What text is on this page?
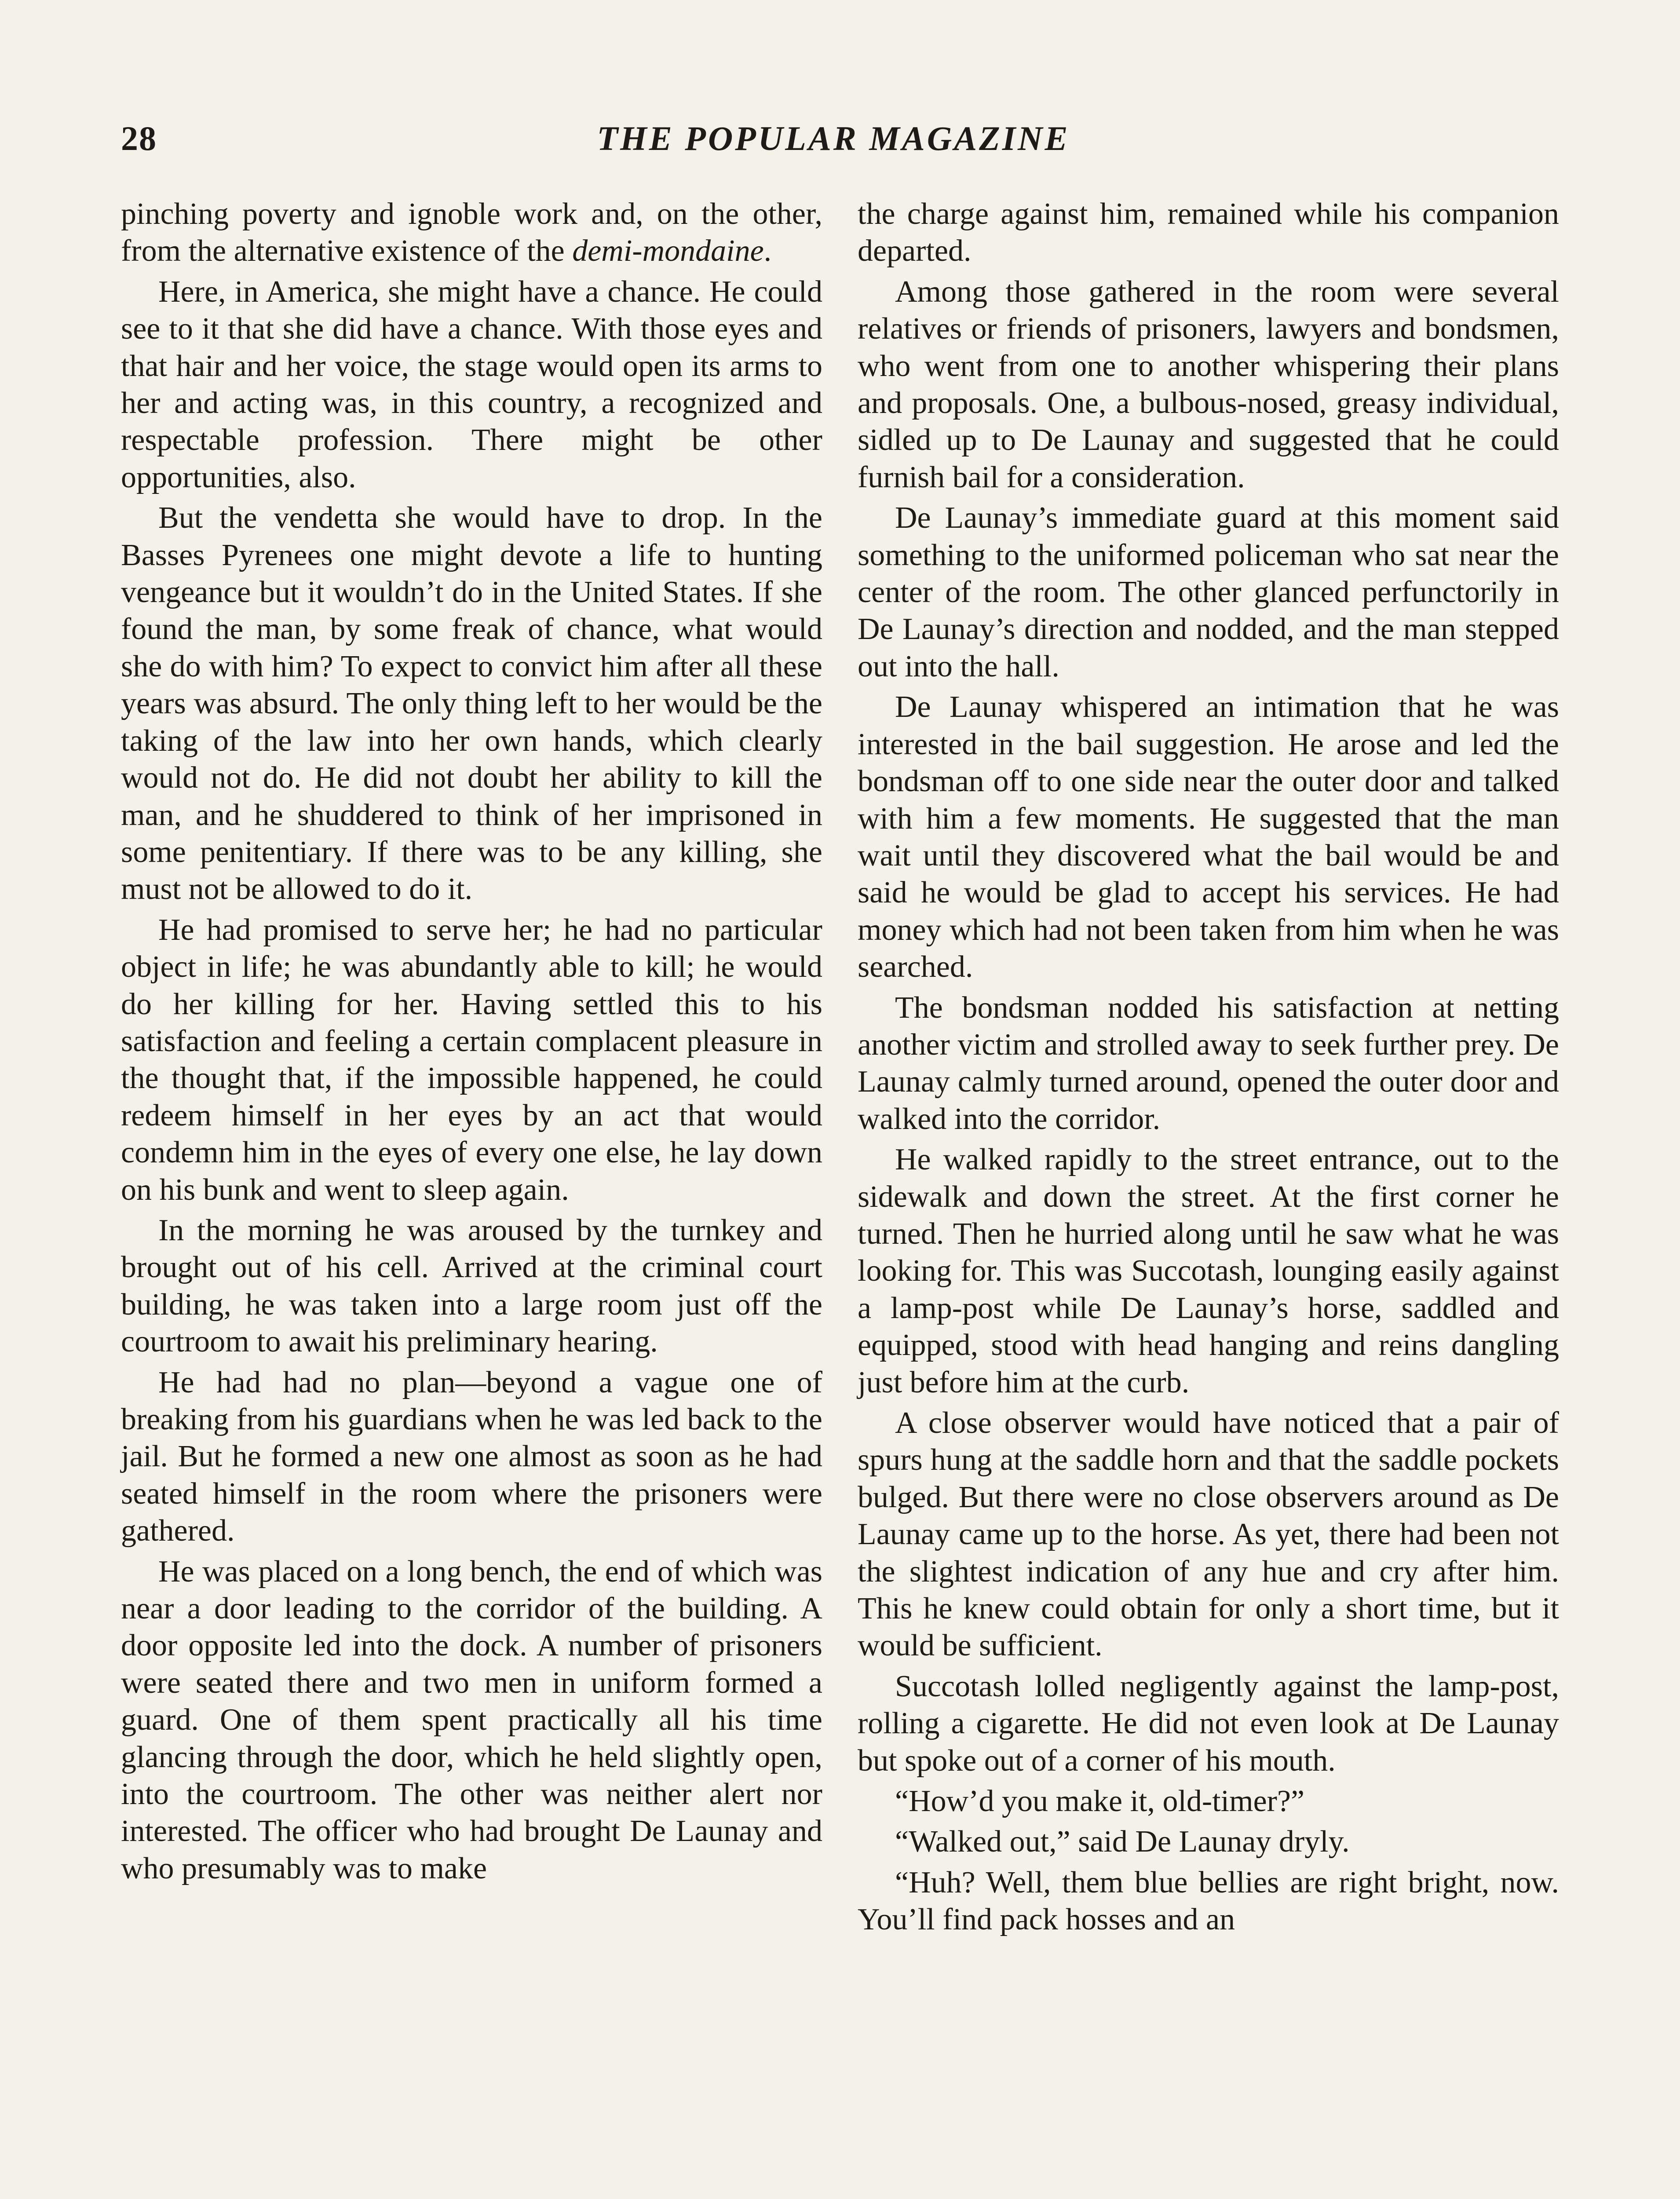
28	THE POPULAR MAGAZINE

pinching poverty and ignoble work and, on the other, from the alternative existence of the demi-mondaine.

Here, in America, she might have a chance. He could see to it that she did have a chance. With those eyes and that hair and her voice, the stage would open its arms to her and acting was, in this country, a recognized and respectable profession. There might be other opportunities, also.

But the vendetta she would have to drop. In the Basses Pyrenees one might devote a life to hunting vengeance but it wouldn’t do in the United States. If she found the man, by some freak of chance, what would she do with him? To expect to convict him after all these years was absurd. The only thing left to her would be the taking of the law into her own hands, which clearly would not do. He did not doubt her ability to kill the man, and he shuddered to think of her imprisoned in some penitentiary. If there was to be any killing, she must not be allowed to do it.

He had promised to serve her; he had no particular object in life; he was abundantly able to kill; he would do her killing for her. Having settled this to his satisfaction and feeling a certain complacent pleasure in the thought that, if the impossible happened, he could redeem himself in her eyes by an act that would condemn him in the eyes of every one else, he lay down on his bunk and went to sleep again.

In the morning he was aroused by the turnkey and brought out of his cell. Arrived at the criminal court building, he was taken into a large room just off the courtroom to await his preliminary hearing.

He had had no plan—beyond a vague one of breaking from his guardians when he was led back to the jail. But he formed a new one almost as soon as he had seated himself in the room where the prisoners were gathered.

He was placed on a long bench, the end of which was near a door leading to the corridor of the building. A door opposite led into the dock. A number of prisoners were seated there and two men in uniform formed a guard. One of them spent practically all his time glancing through the door, which he held slightly open, into the courtroom. The other was neither alert nor interested. The officer who had brought De Launay and who presumably was to make

the charge against him, remained while his companion departed.

Among those gathered in the room were several relatives or friends of prisoners, lawyers and bondsmen, who went from one to another whispering their plans and proposals. One, a bulbous-nosed, greasy individual, sidled up to De Launay and suggested that he could furnish bail for a consideration.

De Launay’s immediate guard at this moment said something to the uniformed policeman who sat near the center of the room. The other glanced perfunctorily in De Launay’s direction and nodded, and the man stepped out into the hall.

De Launay whispered an intimation that he was interested in the bail suggestion. He arose and led the bondsman off to one side near the outer door and talked with him a few moments. He suggested that the man wait until they discovered what the bail would be and said he would be glad to accept his services. He had money which had not been taken from him when he was searched.

The bondsman nodded his satisfaction at netting another victim and strolled away to seek further prey. De Launay calmly turned around, opened the outer door and walked into the corridor.

He walked rapidly to the street entrance, out to the sidewalk and down the street. At the first corner he turned. Then he hurried along until he saw what he was looking for. This was Succotash, lounging easily against a lamp-post while De Launay’s horse, saddled and equipped, stood with head hanging and reins dangling just before him at the curb.

A close observer would have noticed that a pair of spurs hung at the saddle horn and that the saddle pockets bulged. But there were no close observers around as De Launay came up to the horse. As yet, there had been not the slightest indication of any hue and cry after him. This he knew could obtain for only a short time, but it would be sufficient.

Succotash lolled negligently against the lamp-post, rolling a cigarette. He did not even look at De Launay but spoke out of a corner of his mouth.

“How’d you make it, old-timer?”

“Walked out,” said De Launay dryly.

“Huh? Well, them blue bellies are right bright, now. You’ll find pack hosses and an
